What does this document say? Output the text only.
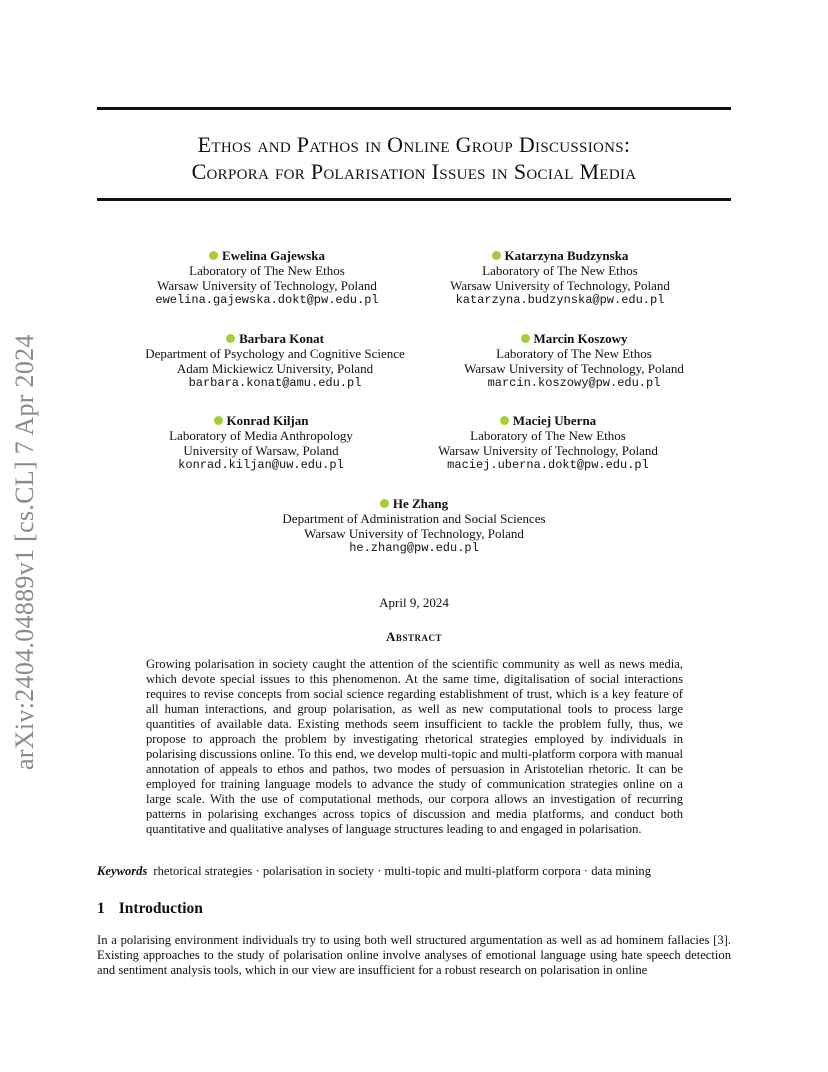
arXiv:2404.04889v1 [cs.CL] 7 Apr 2024
Ethos and Pathos in Online Group Discussions:
Corpora for Polarisation Issues in Social Media
Ewelina Gajewska
Laboratory of The New Ethos
Warsaw University of Technology, Poland
ewelina.gajewska.dokt@pw.edu.pl
Katarzyna Budzynska
Laboratory of The New Ethos
Warsaw University of Technology, Poland
katarzyna.budzynska@pw.edu.pl
Barbara Konat
Department of Psychology and Cognitive Science
Adam Mickiewicz University, Poland
barbara.konat@amu.edu.pl
Marcin Koszowy
Laboratory of The New Ethos
Warsaw University of Technology, Poland
marcin.koszowy@pw.edu.pl
Konrad Kiljan
Laboratory of Media Anthropology
University of Warsaw, Poland
konrad.kiljan@uw.edu.pl
Maciej Uberna
Laboratory of The New Ethos
Warsaw University of Technology, Poland
maciej.uberna.dokt@pw.edu.pl
He Zhang
Department of Administration and Social Sciences
Warsaw University of Technology, Poland
he.zhang@pw.edu.pl
April 9, 2024
Abstract
Growing polarisation in society caught the attention of the scientific community as well as news media, which devote special issues to this phenomenon. At the same time, digitalisation of social interactions requires to revise concepts from social science regarding establishment of trust, which is a key feature of all human interactions, and group polarisation, as well as new computational tools to process large quantities of available data. Existing methods seem insufficient to tackle the problem fully, thus, we propose to approach the problem by investigating rhetorical strategies employed by individuals in polarising discussions online. To this end, we develop multi-topic and multi-platform corpora with manual annotation of appeals to ethos and pathos, two modes of persuasion in Aristotelian rhetoric. It can be employed for training language models to advance the study of communication strategies online on a large scale. With the use of computational methods, our corpora allows an investigation of recurring patterns in polarising exchanges across topics of discussion and media platforms, and conduct both quantitative and qualitative analyses of language structures leading to and engaged in polarisation.
Keywords rhetorical strategies · polarisation in society · multi-topic and multi-platform corpora · data mining
1 Introduction
In a polarising environment individuals try to using both well structured argumentation as well as ad hominem fallacies [3]. Existing approaches to the study of polarisation online involve analyses of emotional language using hate speech detection and sentiment analysis tools, which in our view are insufficient for a robust research on polarisation in online
